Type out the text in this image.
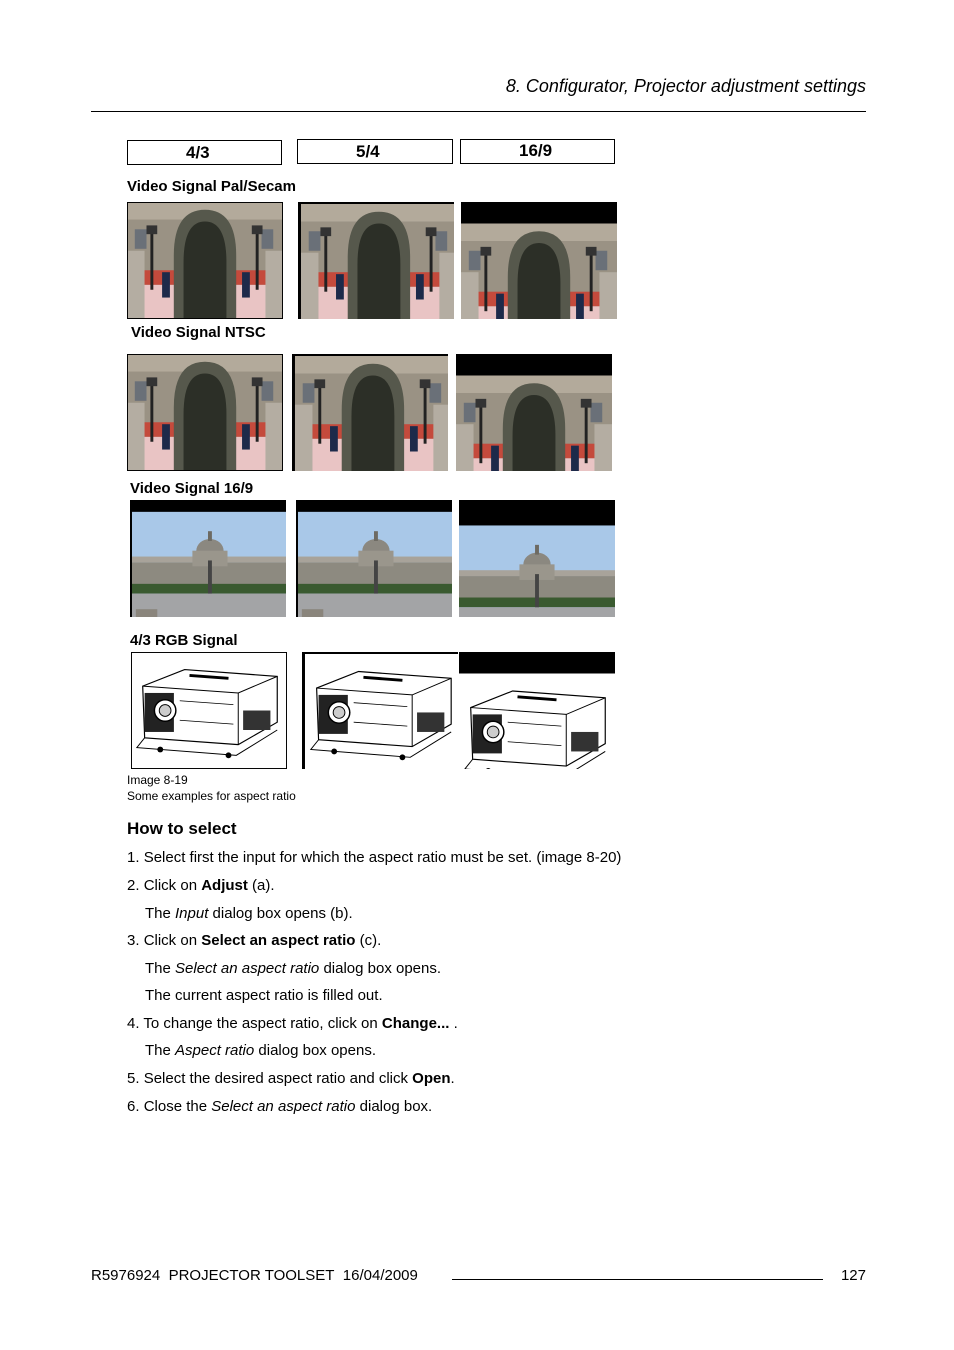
8. Configurator, Projector adjustment settings
4/3	5/4	16/9
Video Signal Pal/Secam
Video Signal NTSC
Video Signal 16/9
4/3 RGB Signal
Image 8-19
Some examples for aspect ratio
How to select
1. Select first the input for which the aspect ratio must be set. (image 8-20)
2. Click on Adjust (a).
The Input dialog box opens (b).
3. Click on Select an aspect ratio (c).
The Select an aspect ratio dialog box opens.
The current aspect ratio is filled out.
4. To change the aspect ratio, click on Change... .
The Aspect ratio dialog box opens.
5. Select the desired aspect ratio and click Open.
6. Close the Select an aspect ratio dialog box.
R5976924 PROJECTOR TOOLSET 16/04/2009	127
